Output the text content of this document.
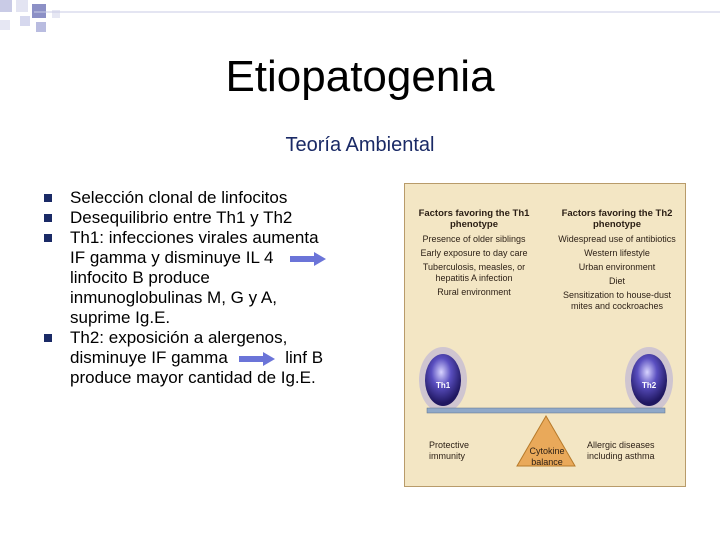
Etiopatogenia
Teoría Ambiental
Selección clonal de linfocitos
Desequilibrio entre Th1 y Th2
Th1: infecciones virales aumenta
IF gamma y disminuye IL 4
linfocito B produce
inmunoglobulinas M, G y A,
suprime Ig.E.
Th2: exposición a alergenos,
disminuye IF gamma	linf B
produce mayor cantidad de Ig.E.
Factors favoring the Th1 phenotype
Presence of older siblings
Early exposure to day care
Tuberculosis, measles, or hepatitis A infection
Rural environment
Factors favoring the Th2 phenotype
Widespread use of antibiotics
Western lifestyle
Urban environment
Diet
Sensitization to house-dust mites and cockroaches
Th1	Th2
Protective immunity	Cytokine balance
Allergic diseases including asthma
